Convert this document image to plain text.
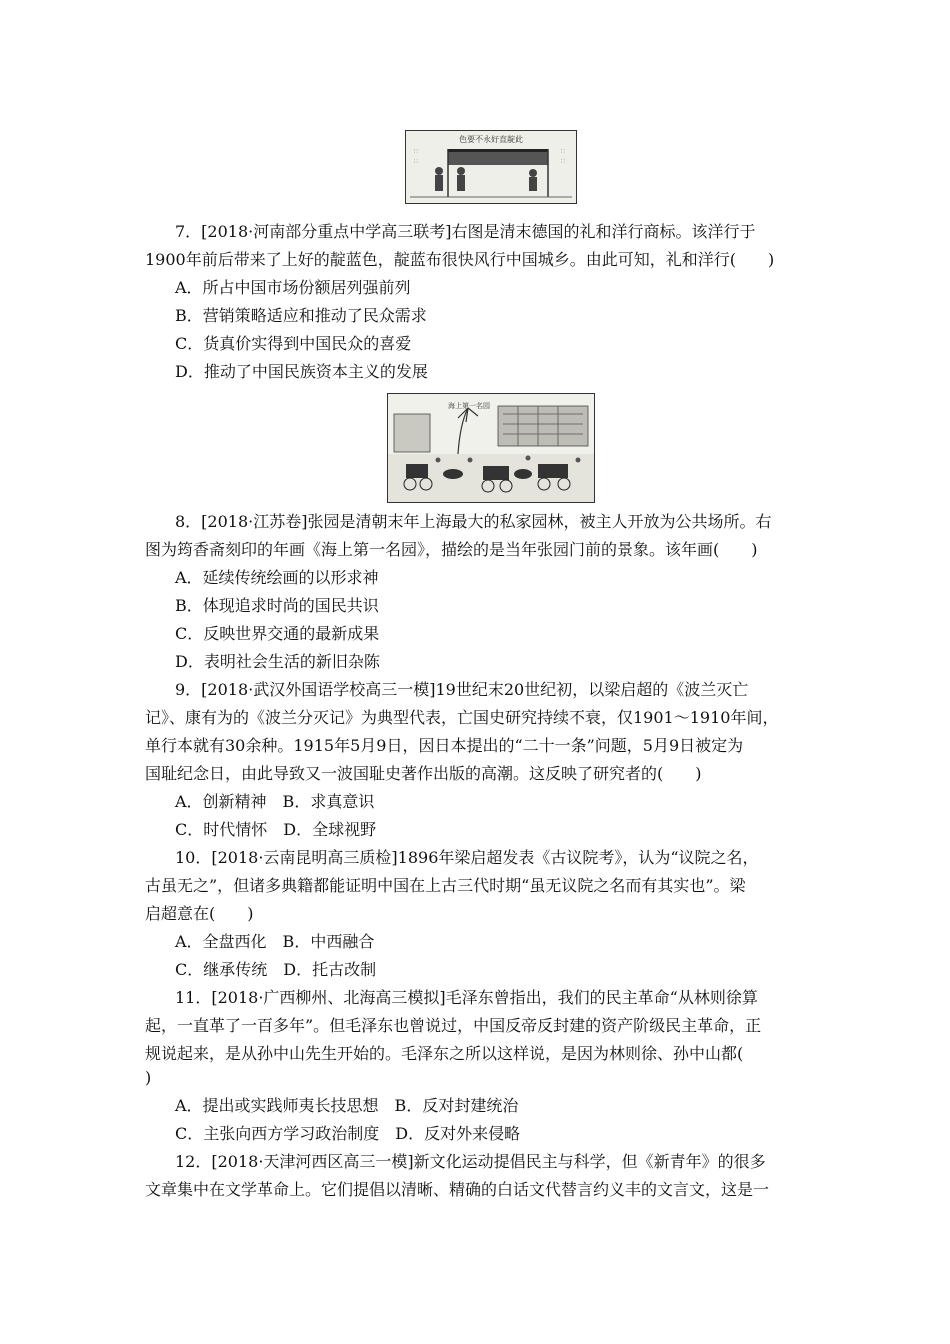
色要不永好直靛此
∷
∷
∷
∷
7．[2018·河南部分重点中学高三联考]右图是清末德国的礼和洋行商标。该洋行于
1900年前后带来了上好的靛蓝色，靛蓝布很快风行中国城乡。由此可知，礼和洋行(　　)
A．所占中国市场份额居列强前列
B．营销策略适应和推动了民众需求
C．货真价实得到中国民众的喜爱
D．推动了中国民族资本主义的发展
海上第一名园
8．[2018·江苏卷]张园是清朝末年上海最大的私家园林，被主人开放为公共场所。右
图为筠香斋刻印的年画《海上第一名园》，描绘的是当年张园门前的景象。该年画(　　)
A．延续传统绘画的以形求神
B．体现追求时尚的国民共识
C．反映世界交通的最新成果
D．表明社会生活的新旧杂陈
9．[2018·武汉外国语学校高三一模]19世纪末20世纪初，以梁启超的《波兰灭亡
记》、康有为的《波兰分灭记》为典型代表，亡国史研究持续不衰，仅1901～1910年间，
单行本就有30余种。1915年5月9日，因日本提出的“二十一条”问题，5月9日被定为
国耻纪念日，由此导致又一波国耻史著作出版的高潮。这反映了研究者的(　　)
A．创新精神　B．求真意识
C．时代情怀　D．全球视野
10．[2018·云南昆明高三质检]1896年梁启超发表《古议院考》，认为“议院之名，
古虽无之”，但诸多典籍都能证明中国在上古三代时期“虽无议院之名而有其实也”。梁
启超意在(　　)
A．全盘西化　B．中西融合
C．继承传统　D．托古改制
11．[2018·广西柳州、北海高三模拟]毛泽东曾指出，我们的民主革命“从林则徐算
起，一直革了一百多年”。但毛泽东也曾说过，中国反帝反封建的资产阶级民主革命，正
规说起来，是从孙中山先生开始的。毛泽东之所以这样说，是因为林则徐、孙中山都(
)
A．提出或实践师夷长技思想　B．反对封建统治
C．主张向西方学习政治制度　D．反对外来侵略
12．[2018·天津河西区高三一模]新文化运动提倡民主与科学，但《新青年》的很多
文章集中在文学革命上。它们提倡以清晰、精确的白话文代替言约义丰的文言文，这是一
